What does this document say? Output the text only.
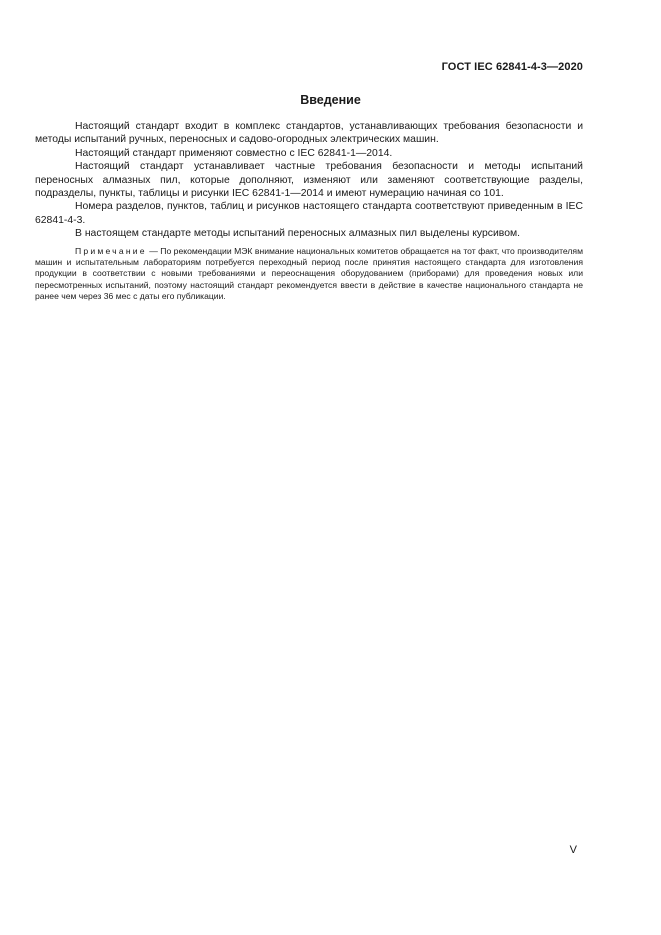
ГОСТ IEC 62841-4-3—2020
Введение

Настоящий стандарт входит в комплекс стандартов, устанавливающих требования безопасности и методы испытаний ручных, переносных и садово-огородных электрических машин.

Настоящий стандарт применяют совместно с IEC 62841-1—2014.

Настоящий стандарт устанавливает частные требования безопасности и методы испытаний переносных алмазных пил, которые дополняют, изменяют или заменяют соответствующие разделы, подразделы, пункты, таблицы и рисунки IEC 62841-1—2014 и имеют нумерацию начиная со 101.

Номера разделов, пунктов, таблиц и рисунков настоящего стандарта соответствуют приведенным в IEC 62841-4-3.

В настоящем стандарте методы испытаний переносных алмазных пил выделены курсивом.

Примечание — По рекомендации МЭК внимание национальных комитетов обращается на тот факт, что производителям машин и испытательным лабораториям потребуется переходный период после принятия настоящего стандарта для изготовления продукции в соответствии с новыми требованиями и переоснащения оборудованием (приборами) для проведения новых или пересмотренных испытаний, поэтому настоящий стандарт рекомендуется ввести в действие в качестве национального стандарта не ранее чем через 36 мес с даты его публикации.

V
